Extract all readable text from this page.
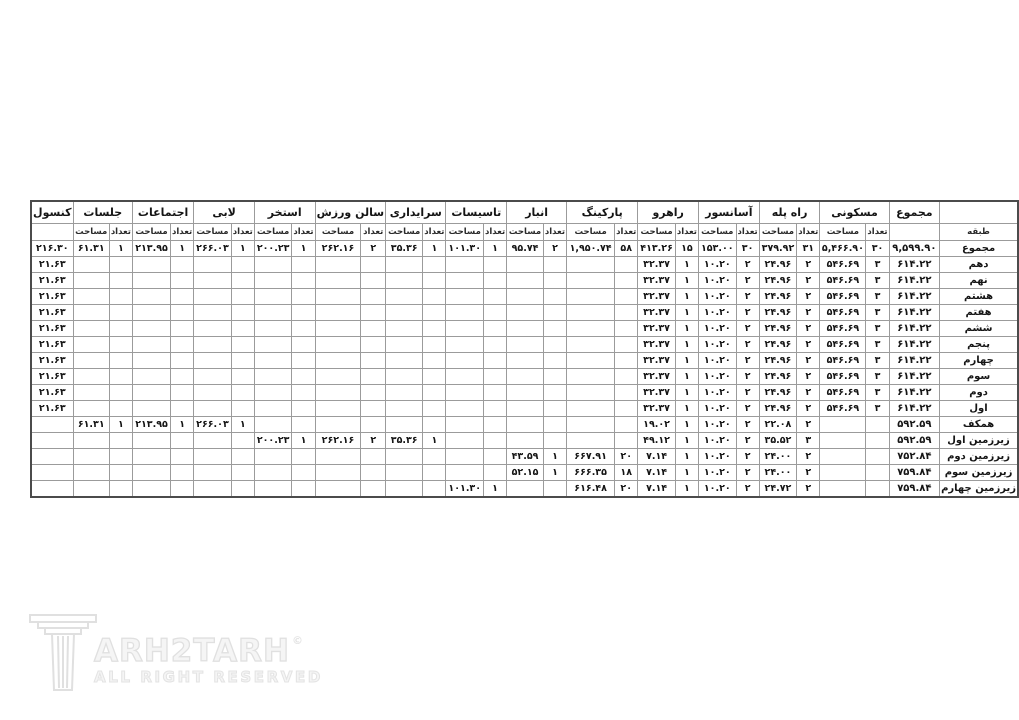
	مجموع	مسکونی		راه پله		آسانسور		راهرو		پارکینگ		انبار		تاسیسات		سرایداری		سالن ورزش		استخر		لابی		اجتماعات		جلسات		کنسول
طبقه		تعداد	مساحت	تعداد	مساحت	تعداد	مساحت	تعداد	مساحت	تعداد	مساحت	تعداد	مساحت	تعداد	مساحت	تعداد	مساحت	تعداد	مساحت	تعداد	مساحت	تعداد	مساحت	تعداد	مساحت	تعداد	مساحت	
مجموع	۹,۵۹۹.۹۰	۳۰	۵,۴۶۶.۹۰	۳۱	۳۷۹.۹۲	۳۰	۱۵۳.۰۰	۱۵	۴۱۳.۲۶	۵۸	۱,۹۵۰.۷۴	۲	۹۵.۷۴	۱	۱۰۱.۳۰	۱	۳۵.۳۶	۲	۲۶۲.۱۶	۱	۲۰۰.۲۳	۱	۲۶۶.۰۳	۱	۲۱۳.۹۵	۱	۶۱.۳۱	۲۱۶.۳۰
دهم	۶۱۴.۲۲	۳	۵۴۶.۶۹	۲	۲۴.۹۶	۲	۱۰.۲۰	۱	۳۲.۳۷																			۲۱.۶۳
نهم	۶۱۴.۲۲	۳	۵۴۶.۶۹	۲	۲۴.۹۶	۲	۱۰.۲۰	۱	۳۲.۳۷																			۲۱.۶۳
هشتم	۶۱۴.۲۲	۳	۵۴۶.۶۹	۲	۲۴.۹۶	۲	۱۰.۲۰	۱	۳۲.۳۷																			۲۱.۶۳
هفتم	۶۱۴.۲۲	۳	۵۴۶.۶۹	۲	۲۴.۹۶	۲	۱۰.۲۰	۱	۳۲.۳۷																			۲۱.۶۳
ششم	۶۱۴.۲۲	۳	۵۴۶.۶۹	۲	۲۴.۹۶	۲	۱۰.۲۰	۱	۳۲.۳۷																			۲۱.۶۳
پنجم	۶۱۴.۲۲	۳	۵۴۶.۶۹	۲	۲۴.۹۶	۲	۱۰.۲۰	۱	۳۲.۳۷																			۲۱.۶۳
چهارم	۶۱۴.۲۲	۳	۵۴۶.۶۹	۲	۲۴.۹۶	۲	۱۰.۲۰	۱	۳۲.۳۷																			۲۱.۶۳
سوم	۶۱۴.۲۲	۳	۵۴۶.۶۹	۲	۲۴.۹۶	۲	۱۰.۲۰	۱	۳۲.۳۷																			۲۱.۶۳
دوم	۶۱۴.۲۲	۳	۵۴۶.۶۹	۲	۲۴.۹۶	۲	۱۰.۲۰	۱	۳۲.۳۷																			۲۱.۶۳
اول	۶۱۴.۲۲	۳	۵۴۶.۶۹	۲	۲۴.۹۶	۲	۱۰.۲۰	۱	۳۲.۳۷																			۲۱.۶۳
همکف	۵۹۲.۵۹			۲	۲۲.۰۸	۲	۱۰.۲۰	۱	۱۹.۰۲													۱	۲۶۶.۰۳	۱	۲۱۳.۹۵	۱	۶۱.۳۱	
زیرزمین اول	۵۹۲.۵۹			۳	۳۵.۵۲	۲	۱۰.۲۰	۱	۴۹.۱۲							۱	۳۵.۳۶	۲	۲۶۲.۱۶	۱	۲۰۰.۲۳							
زیرزمین دوم	۷۵۲.۸۴			۲	۲۴.۰۰	۲	۱۰.۲۰	۱	۷.۱۴	۲۰	۶۶۷.۹۱	۱	۴۳.۵۹															
زیرزمین سوم	۷۵۹.۸۴			۲	۲۴.۰۰	۲	۱۰.۲۰	۱	۷.۱۴	۱۸	۶۶۶.۳۵	۱	۵۲.۱۵															
زیرزمین چهارم	۷۵۹.۸۴			۲	۲۴.۷۲	۲	۱۰.۲۰	۱	۷.۱۴	۲۰	۶۱۶.۴۸			۱	۱۰۱.۳۰													
ARH2TARH ©
ALL RIGHT RESERVED
